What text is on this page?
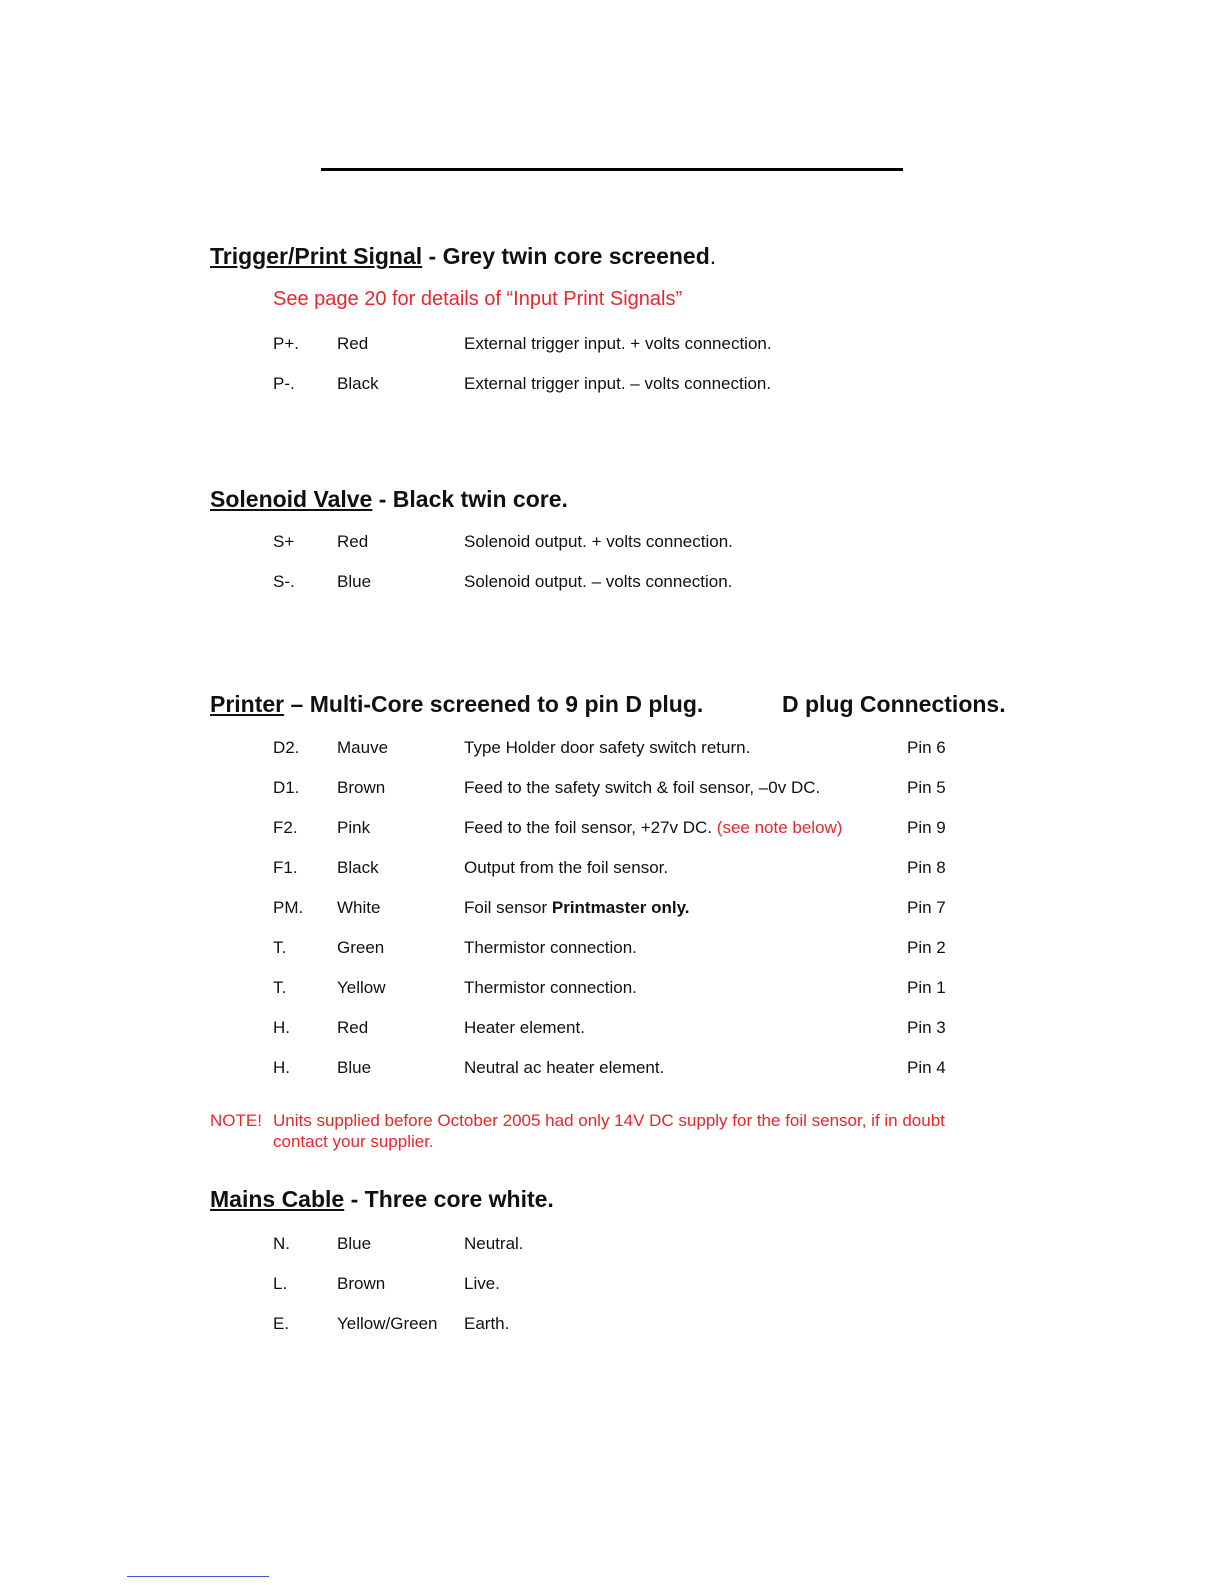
Trigger/Print Signal - Grey twin core screened.
See page 20 for details of “Input Print Signals”
P+. Red	External trigger input. + volts connection.
P-. Black	External trigger input. – volts connection.
Solenoid Valve - Black twin core.
S+	Red	Solenoid output. + volts connection.
S-. Blue	Solenoid output. – volts connection.
Printer – Multi-Core screened to 9 pin D plug.	D plug Connections.
D2. Mauve	Type Holder door safety switch return.	Pin 6
D1. Brown	Feed to the safety switch & foil sensor, –0v DC.	Pin 5
F2. Pink	Feed to the foil sensor, +27v DC. (see note below)	Pin 9
F1. Black	Output from the foil sensor.	Pin 8
PM. White	Foil sensor Printmaster only.	Pin 7
T.	Green	Thermistor connection.	Pin 2
T.	Yellow	Thermistor connection.	Pin 1
H.	Red	Heater element.	Pin 3
H.	Blue	Neutral ac heater element.	Pin 4
NOTE! Units supplied before October 2005 had only 14V DC supply for the foil sensor, if in doubt contact your supplier.
Mains Cable - Three core white.
N.	Blue	Neutral.
L.	Brown	Live.
E.	Yellow/Green Earth.
